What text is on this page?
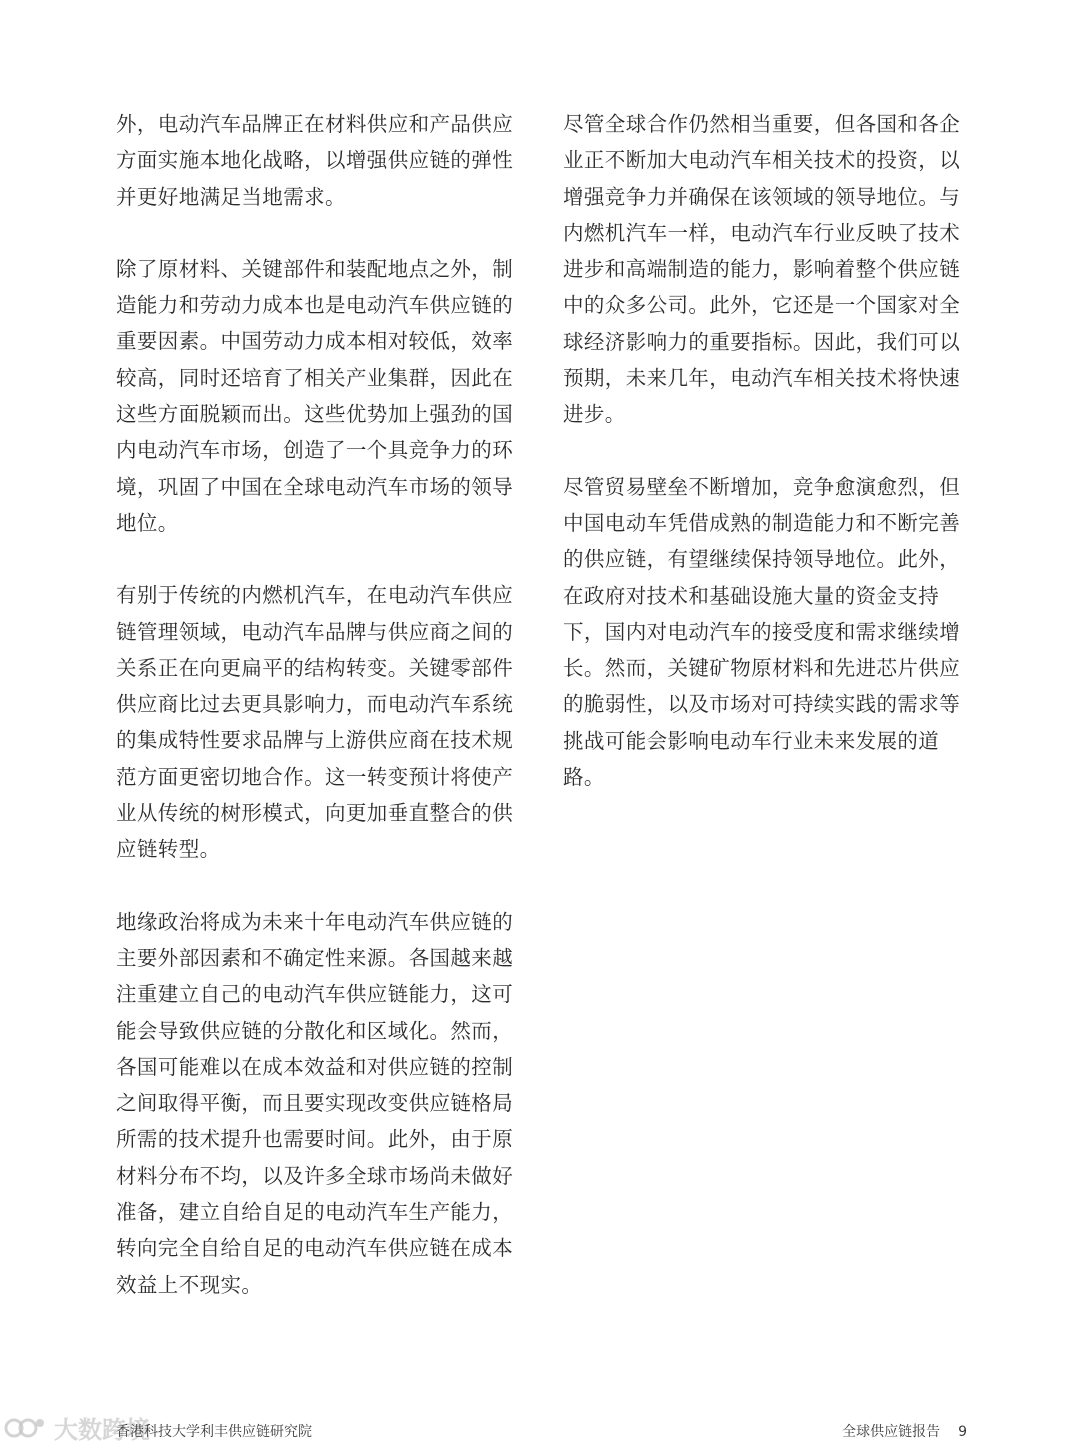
外，电动汽车品牌正在材料供应和产品供应方面实施本地化战略，以增强供应链的弹性并更好地满足当地需求。

除了原材料、关键部件和装配地点之外，制造能力和劳动力成本也是电动汽车供应链的重要因素。中国劳动力成本相对较低，效率较高，同时还培育了相关产业集群，因此在这些方面脱颖而出。这些优势加上强劲的国内电动汽车市场，创造了一个具竞争力的环境，巩固了中国在全球电动汽车市场的领导地位。

有别于传统的内燃机汽车，在电动汽车供应链管理领域，电动汽车品牌与供应商之间的关系正在向更扁平的结构转变。关键零部件供应商比过去更具影响力，而电动汽车系统的集成特性要求品牌与上游供应商在技术规范方面更密切地合作。这一转变预计将使产业从传统的树形模式，向更加垂直整合的供应链转型。

地缘政治将成为未来十年电动汽车供应链的主要外部因素和不确定性来源。各国越来越注重建立自己的电动汽车供应链能力，这可能会导致供应链的分散化和区域化。然而，各国可能难以在成本效益和对供应链的控制之间取得平衡，而且要实现改变供应链格局所需的技术提升也需要时间。此外，由于原材料分布不均，以及许多全球市场尚未做好准备，建立自给自足的电动汽车生产能力，转向完全自给自足的电动汽车供应链在成本效益上不现实。

尽管全球合作仍然相当重要，但各国和各企业正不断加大电动汽车相关技术的投资，以增强竞争力并确保在该领域的领导地位。与内燃机汽车一样，电动汽车行业反映了技术进步和高端制造的能力，影响着整个供应链中的众多公司。此外，它还是一个国家对全球经济影响力的重要指标。因此，我们可以预期，未来几年，电动汽车相关技术将快速进步。

尽管贸易壁垒不断增加，竞争愈演愈烈，但中国电动车凭借成熟的制造能力和不断完善的供应链，有望继续保持领导地位。此外，在政府对技术和基础设施大量的资金支持下，国内对电动汽车的接受度和需求继续增长。然而，关键矿物原材料和先进芯片供应的脆弱性，以及市场对可持续实践的需求等挑战可能会影响电动车行业未来发展的道路。

大数跨境
香港科技大学利丰供应链研究院	全球供应链报告 9
